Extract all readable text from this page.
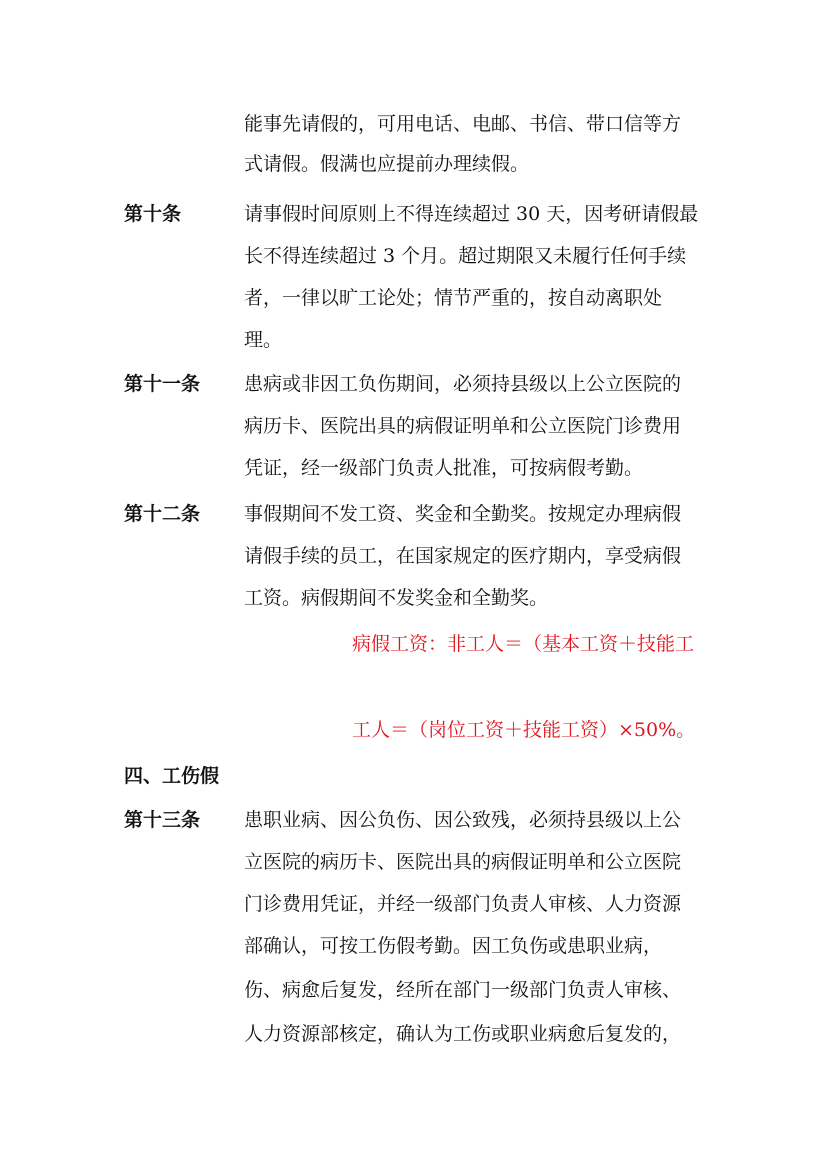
能事先请假的，可用电话、电邮、书信、带口信等方
式请假。假满也应提前办理续假。
第十条	请事假时间原则上不得连续超过 30 天，因考研请假最
长不得连续超过 3 个月。超过期限又未履行任何手续
者，一律以旷工论处；情节严重的，按自动离职处
理。
第十一条 患病或非因工负伤期间，必须持县级以上公立医院的
病历卡、医院出具的病假证明单和公立医院门诊费用
凭证，经一级部门负责人批准，可按病假考勤。
第十二条 事假期间不发工资、奖金和全勤奖。按规定办理病假
请假手续的员工，在国家规定的医疗期内，享受病假
工资。病假期间不发奖金和全勤奖。
病假工资：非工人＝（基本工资＋技能工
工人＝（岗位工资＋技能工资）×50%。
四、工伤假
第十三条 患职业病、因公负伤、因公致残，必须持县级以上公
立医院的病历卡、医院出具的病假证明单和公立医院
门诊费用凭证，并经一级部门负责人审核、人力资源
部确认，可按工伤假考勤。因工负伤或患职业病，
伤、病愈后复发，经所在部门一级部门负责人审核、
人力资源部核定，确认为工伤或职业病愈后复发的，
